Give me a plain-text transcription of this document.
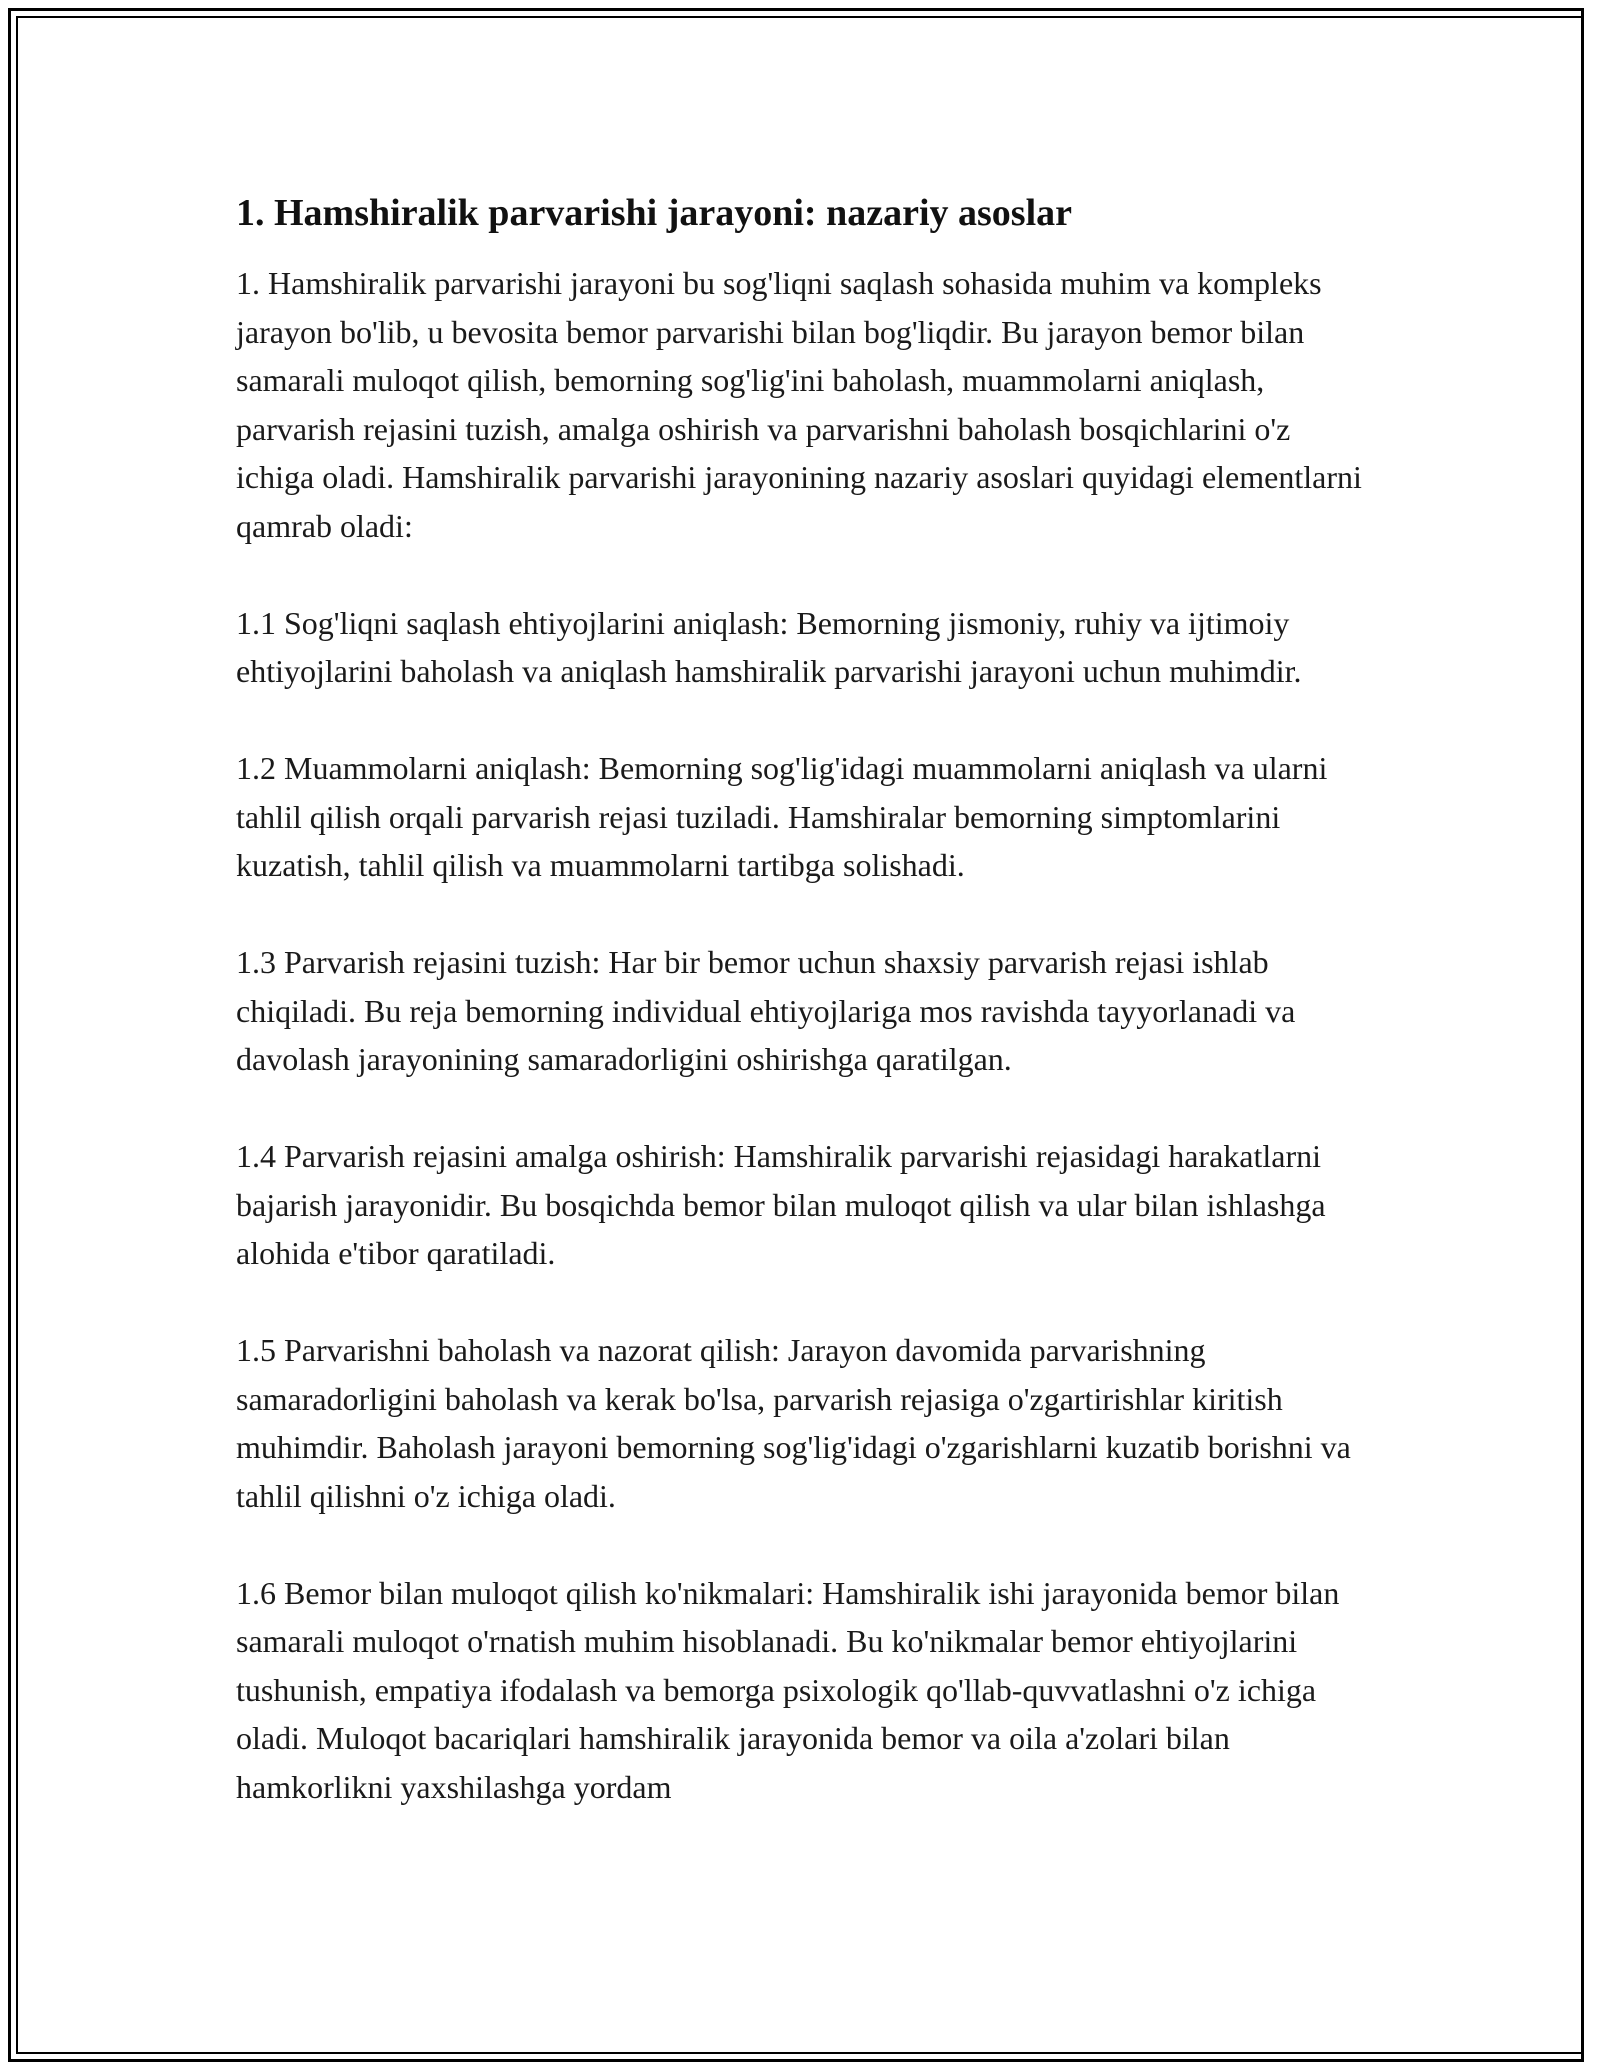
1. Hamshiralik parvarishi jarayoni: nazariy asoslar

1. Hamshiralik parvarishi jarayoni bu sog'liqni saqlash sohasida muhim va kompleks jarayon bo'lib, u bevosita bemor parvarishi bilan bog'liqdir. Bu jarayon bemor bilan samarali muloqot qilish, bemorning sog'lig'ini baholash, muammolarni aniqlash, parvarish rejasini tuzish, amalga oshirish va parvarishni baholash bosqichlarini o'z ichiga oladi. Hamshiralik parvarishi jarayonining nazariy asoslari quyidagi elementlarni qamrab oladi:

1.1 Sog'liqni saqlash ehtiyojlarini aniqlash: Bemorning jismoniy, ruhiy va ijtimoiy ehtiyojlarini baholash va aniqlash hamshiralik parvarishi jarayoni uchun muhimdir.

1.2 Muammolarni aniqlash: Bemorning sog'lig'idagi muammolarni aniqlash va ularni tahlil qilish orqali parvarish rejasi tuziladi. Hamshiralar bemorning simptomlarini kuzatish, tahlil qilish va muammolarni tartibga solishadi.

1.3 Parvarish rejasini tuzish: Har bir bemor uchun shaxsiy parvarish rejasi ishlab chiqiladi. Bu reja bemorning individual ehtiyojlariga mos ravishda tayyorlanadi va davolash jarayonining samaradorligini oshirishga qaratilgan.

1.4 Parvarish rejasini amalga oshirish: Hamshiralik parvarishi rejasidagi harakatlarni bajarish jarayonidir. Bu bosqichda bemor bilan muloqot qilish va ular bilan ishlashga alohida e'tibor qaratiladi.

1.5 Parvarishni baholash va nazorat qilish: Jarayon davomida parvarishning samaradorligini baholash va kerak bo'lsa, parvarish rejasiga o'zgartirishlar kiritish muhimdir. Baholash jarayoni bemorning sog'lig'idagi o'zgarishlarni kuzatib borishni va tahlil qilishni o'z ichiga oladi.

1.6 Bemor bilan muloqot qilish ko'nikmalari: Hamshiralik ishi jarayonida bemor bilan samarali muloqot o'rnatish muhim hisoblanadi. Bu ko'nikmalar bemor ehtiyojlarini tushunish, empatiya ifodalash va bemorga psixologik qo'llab-quvvatlashni o'z ichiga oladi. Muloqot bacariqlari hamshiralik jarayonida bemor va oila a'zolari bilan hamkorlikni yaxshilashga yordam
